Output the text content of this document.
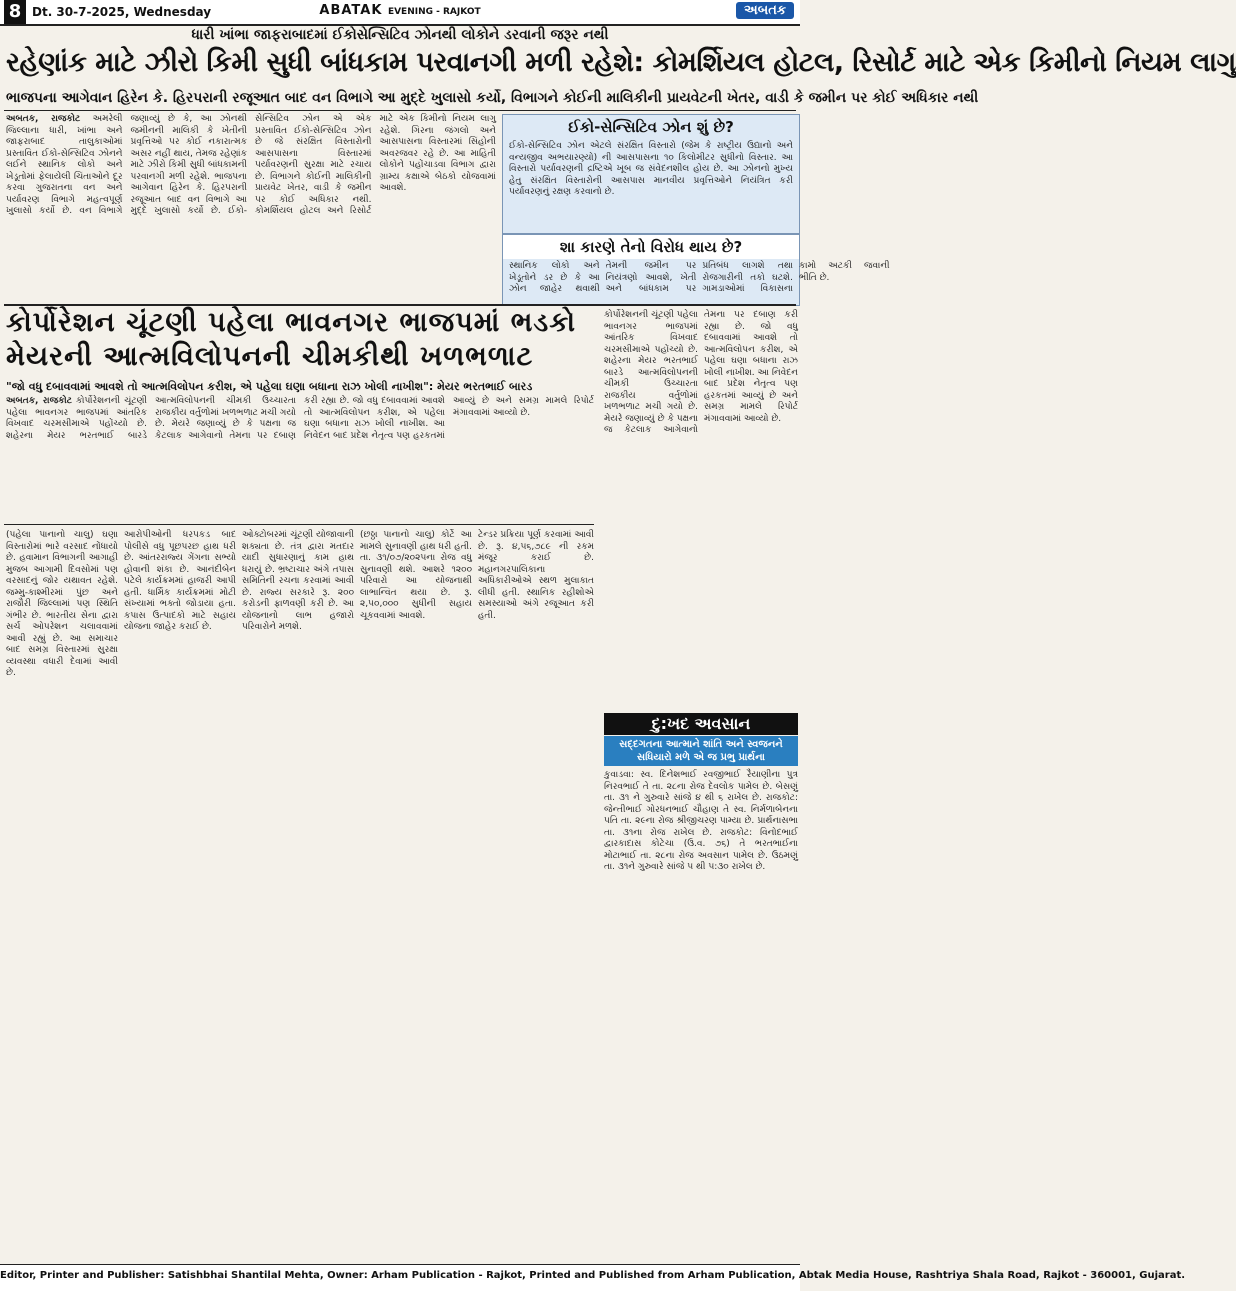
8 Dt. 30-7-2025, Wednesday	ABATAK EVENING - RAJKOT	અબતક
ધારી ખાંભા જાફરાબાદમાં ઈકોસેન્સિટિવ ઝોનથી લોકોને ડરવાની જરૂર નથી
રહેણાંક માટે ઝીરો કિમી સુધી બાંધકામ પરવાનગી મળી રહેશે: કોમર્શિયલ હોટલ, રિસોર્ટ માટે એક કિમીનો નિયમ લાગુ
ભાજપના આગેવાન હિરેન કે. હિરપરાની રજૂઆત બાદ વન વિભાગે આ મુદ્દે ખુલાસો કર્યો, વિભાગને કોઈની માલિકીની પ્રાયવેટની ખેતર, વાડી કે જમીન પર કોઈ અધિકાર નથી
અબતક, રાજકોટ અમરેલી જિલ્લાના ધારી, ખાંભા અને જાફરાબાદ તાલુકાઓમાં પ્રસ્તાવિત ઈકો-સેન્સિટિવ ઝોનને લઈને સ્થાનિક લોકો અને ખેડૂતોમાં ફેલાયેલી ચિંતાઓને દૂર કરવા ગુજરાતના વન અને પર્યાવરણ વિભાગે મહત્વપૂર્ણ ખુલાસો કર્યો છે. વન વિભાગે જણાવ્યું છે કે, આ ઝોનથી જમીનની માલિકી કે ખેતીની પ્રવૃત્તિઓ પર કોઈ નકારાત્મક અસર નહીં થાય, તેમજ રહેણાંક માટે ઝીરો કિમી સુધી બાંધકામની પરવાનગી મળી રહેશે. ભાજપના આગેવાન હિરેન કે. હિરપરાની રજૂઆત બાદ વન વિભાગે આ મુદ્દે ખુલાસો કર્યો છે. ઈકો-સેન્સિટિવ ઝોન એ એક પ્રસ્તાવિત ઈકો-સેન્સિટિવ ઝોન છે જે સંરક્ષિત વિસ્તારોની આસપાસના વિસ્તારમાં પર્યાવરણની સુરક્ષા માટે રચાય છે. વિભાગને કોઈની માલિકીની પ્રાયવેટ ખેતર, વાડી કે જમીન પર કોઈ અધિકાર નથી. કોમર્શિયલ હોટલ અને રિસોર્ટ માટે એક કિમીનો નિયમ લાગુ રહેશે. ગિરના જંગલો અને આસપાસના વિસ્તારમાં સિંહોની અવરજવર રહે છે. આ માહિતી લોકોને પહોંચાડવા વિભાગ દ્વારા ગ્રામ્ય કક્ષાએ બેઠકો યોજવામાં આવશે.
ઈકો-સેન્સિટિવ ઝોન શું છે?
ઈકો-સેન્સિટિવ ઝોન એટલે સંરક્ષિત વિસ્તારો (જેમ કે રાષ્ટ્રીય ઉદ્યાનો અને વન્યજીવ અભયારણ્યો) ની આસપાસના ૧૦ કિલોમીટર સુધીનો વિસ્તાર. આ વિસ્તારો પર્યાવરણની દ્રષ્ટિએ ખૂબ જ સંવેદનશીલ હોય છે. આ ઝોનનો મુખ્ય હેતુ સંરક્ષિત વિસ્તારોની આસપાસ માનવીય પ્રવૃત્તિઓને નિયંત્રિત કરી પર્યાવરણનું રક્ષણ કરવાનો છે.
શા કારણે તેનો વિરોધ થાય છે?
સ્થાનિક લોકો અને ખેડૂતોને ડર છે કે આ ઝોન જાહેર થવાથી તેમની જમીન પર નિયંત્રણો આવશે, ખેતી અને બાંધકામ પર પ્રતિબંધ લાગશે તથા રોજગારીની તકો ઘટશે. ગામડાઓમાં વિકાસના કામો અટકી જવાની ભીતિ છે.
કોર્પોરેશન ચૂંટણી પહેલા ભાવનગર ભાજપમાં ભડકો
મેયરની આત્મવિલોપનની ચીમકીથી ખળભળાટ
"જો વધુ દબાવવામાં આવશે તો આત્મવિલોપન કરીશ, એ પહેલા ઘણા બધાના રાઝ ખોલી નાખીશ": મેયર ભરતભાઈ બારડ
અબતક, રાજકોટ કોર્પોરેશનની ચૂંટણી પહેલા ભાવનગર ભાજપમાં આંતરિક વિખવાદ ચરમસીમાએ પહોંચ્યો છે. શહેરના મેયર ભરતભાઈ બારડે આત્મવિલોપનની ચીમકી ઉચ્ચારતા રાજકીય વર્તુળોમાં ખળભળાટ મચી ગયો છે. મેયરે જણાવ્યું છે કે પક્ષના જ કેટલાક આગેવાનો તેમના પર દબાણ કરી રહ્યા છે. જો વધુ દબાવવામાં આવશે તો આત્મવિલોપન કરીશ, એ પહેલા ઘણા બધાના રાઝ ખોલી નાખીશ. આ નિવેદન બાદ પ્રદેશ નેતૃત્વ પણ હરકતમાં આવ્યું છે અને સમગ્ર મામલે રિપોર્ટ મંગાવવામાં આવ્યો છે.
(પહેલા પાનાનો ચાલુ) ઘણા વિસ્તારોમાં ભારે વરસાદ નોંધાયો છે. હવામાન વિભાગની આગાહી મુજબ આગામી દિવસોમાં પણ વરસાદનું જોર યથાવત રહેશે. જમ્મુ-કાશ્મીરમાં પુંછ અને રાજૌરી જિલ્લામાં પણ સ્થિતિ ગંભીર છે. ભારતીય સેના દ્વારા સર્ચ ઓપરેશન ચલાવવામાં આવી રહ્યું છે. આ સમાચાર બાદ સમગ્ર વિસ્તારમાં સુરક્ષા વ્યવસ્થા વધારી દેવામાં આવી છે.
આરોપીઓની ધરપકડ બાદ પોલીસે વધુ પૂછપરછ હાથ ધરી છે. આંતરરાજ્ય ગેંગના સભ્યો હોવાની શંકા છે. આનંદીબેન પટેલે કાર્યક્રમમાં હાજરી આપી હતી. ધાર્મિક કાર્યક્રમમાં મોટી સંખ્યામાં ભક્તો જોડાયા હતા. કપાસ ઉત્પાદકો માટે સહાય યોજના જાહેર કરાઈ છે.
ઓક્ટોબરમાં ચૂંટણી યોજાવાની શક્યતા છે. તંત્ર દ્વારા મતદાર યાદી સુધારણાનું કામ હાથ ધરાયું છે. ભ્રષ્ટાચાર અંગે તપાસ સમિતિની રચના કરવામાં આવી છે. રાજ્ય સરકારે રૂ. ૨૦૦ કરોડની ફાળવણી કરી છે. આ યોજનાનો લાભ હજારો પરિવારોને મળશે.
(છઠ્ઠા પાનાનો ચાલુ) કોર્ટે આ મામલે સુનાવણી હાથ ધરી હતી. તા. ૩૧/૦૭/૨૦૨૫ના રોજ વધુ સુનાવણી થશે. આશરે ૧૨૦૦ પરિવારો આ યોજનાથી લાભાન્વિત થયા છે. રૂ. ૨,૫૦,૦૦૦ સુધીની સહાય ચૂકવવામાં આવશે.
ટેન્ડર પ્રક્રિયા પૂર્ણ કરવામાં આવી છે. રૂ. ૪,૫૬,૭૮૯ ની રકમ મંજૂર કરાઈ છે. મહાનગરપાલિકાના અધિકારીઓએ સ્થળ મુલાકાત લીધી હતી. સ્થાનિક રહીશોએ સમસ્યાઓ અંગે રજૂઆત કરી હતી.
કોર્પોરેશનની ચૂંટણી પહેલા ભાવનગર ભાજપમાં આંતરિક વિખવાદ ચરમસીમાએ પહોંચ્યો છે. શહેરના મેયર ભરતભાઈ બારડે આત્મવિલોપનની ચીમકી ઉચ્ચારતા રાજકીય વર્તુળોમાં ખળભળાટ મચી ગયો છે. મેયરે જણાવ્યું છે કે પક્ષના જ કેટલાક આગેવાનો તેમના પર દબાણ કરી રહ્યા છે. જો વધુ દબાવવામાં આવશે તો આત્મવિલોપન કરીશ, એ પહેલા ઘણા બધાના રાઝ ખોલી નાખીશ. આ નિવેદન બાદ પ્રદેશ નેતૃત્વ પણ હરકતમાં આવ્યું છે અને સમગ્ર મામલે રિપોર્ટ મંગાવવામાં આવ્યો છે.
દુ:ખદ અવસાન
સદ્દગતના આત્માને શાંતિ અને સ્વજનને સધિયારો મળે એ જ પ્રભુ પ્રાર્થના
કુવાડવા: સ્વ. દિનેશભાઈ રવજીભાઈ રૈયાણીના પુત્ર નિરવભાઈ તે તા. ૨૮ના રોજ દેવલોક પામેલ છે. બેસણું તા. ૩૧ ને ગુરુવારે સાંજે ૪ થી ૬ રાખેલ છે. રાજકોટ: જેન્તીભાઈ ગોરધનભાઈ ચૌહાણ તે સ્વ. નિર્મળાબેનના પતિ તા. ૨૯ના રોજ શ્રીજીચરણ પામ્યા છે. પ્રાર્થનાસભા તા. ૩૧ના રોજ રાખેલ છે. રાજકોટ: વિનોદભાઈ દ્વારકાદાસ કોટેચા (ઉ.વ. ૭૬) તે ભરતભાઈના મોટાભાઈ તા. ૨૮ના રોજ અવસાન પામેલ છે. ઉઠમણું તા. ૩૧ને ગુરુવારે સાંજે ૫ થી ૫:૩૦ રાખેલ છે.
Editor, Printer and Publisher: Satishbhai Shantilal Mehta, Owner: Arham Publication - Rajkot, Printed and Published from Arham Publication, Abtak Media House, Rashtriya Shala Road, Rajkot - 360001, Gujarat.
